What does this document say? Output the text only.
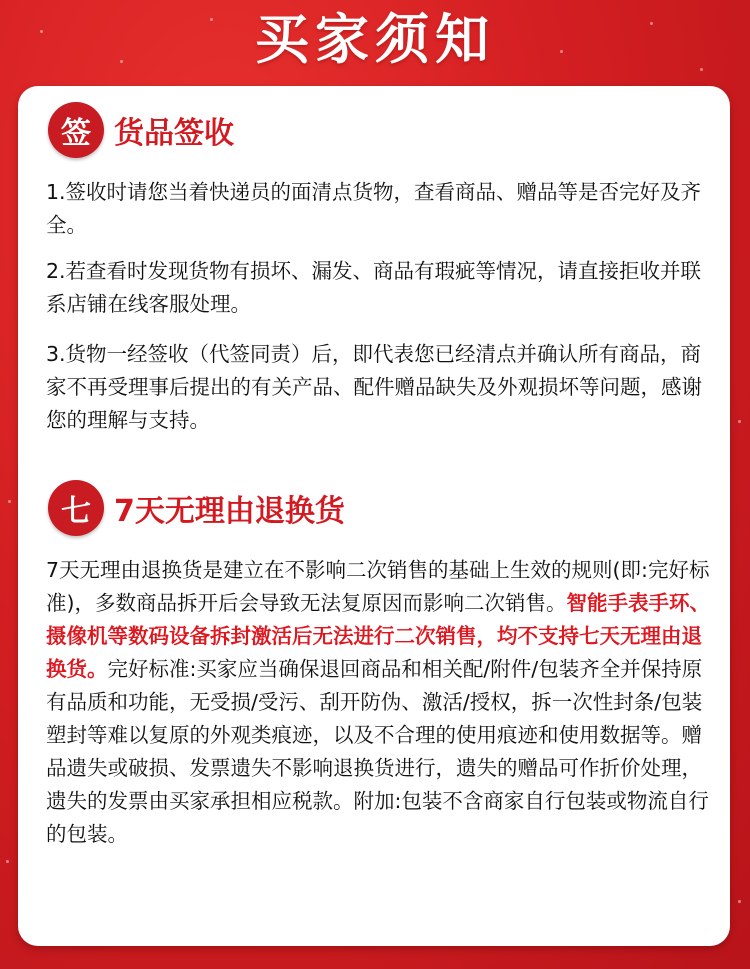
买家须知
签 货品签收

1.签收时请您当着快递员的面清点货物，查看商品、赠品等是否完好及齐全。

2.若查看时发现货物有损坏、漏发、商品有瑕疵等情况，请直接拒收并联系店铺在线客服处理。

3.货物一经签收（代签同责）后，即代表您已经清点并确认所有商品，商家不再受理事后提出的有关产品、配件赠品缺失及外观损坏等问题，感谢您的理解与支持。

七 7天无理由退换货

7天无理由退换货是建立在不影响二次销售的基础上生效的规则(即:完好标准)，多数商品拆开后会导致无法复原因而影响二次销售。智能手表手环、摄像机等数码设备拆封激活后无法进行二次销售，均不支持七天无理由退换货。完好标准:买家应当确保退回商品和相关配/附件/包装齐全并保持原有品质和功能，无受损/受污、刮开防伪、激活/授权，拆一次性封条/包装塑封等难以复原的外观类痕迹，以及不合理的使用痕迹和使用数据等。赠品遗失或破损、发票遗失不影响退换货进行，遗失的赠品可作折价处理，遗失的发票由买家承担相应税款。附加:包装不含商家自行包装或物流自行的包装。
